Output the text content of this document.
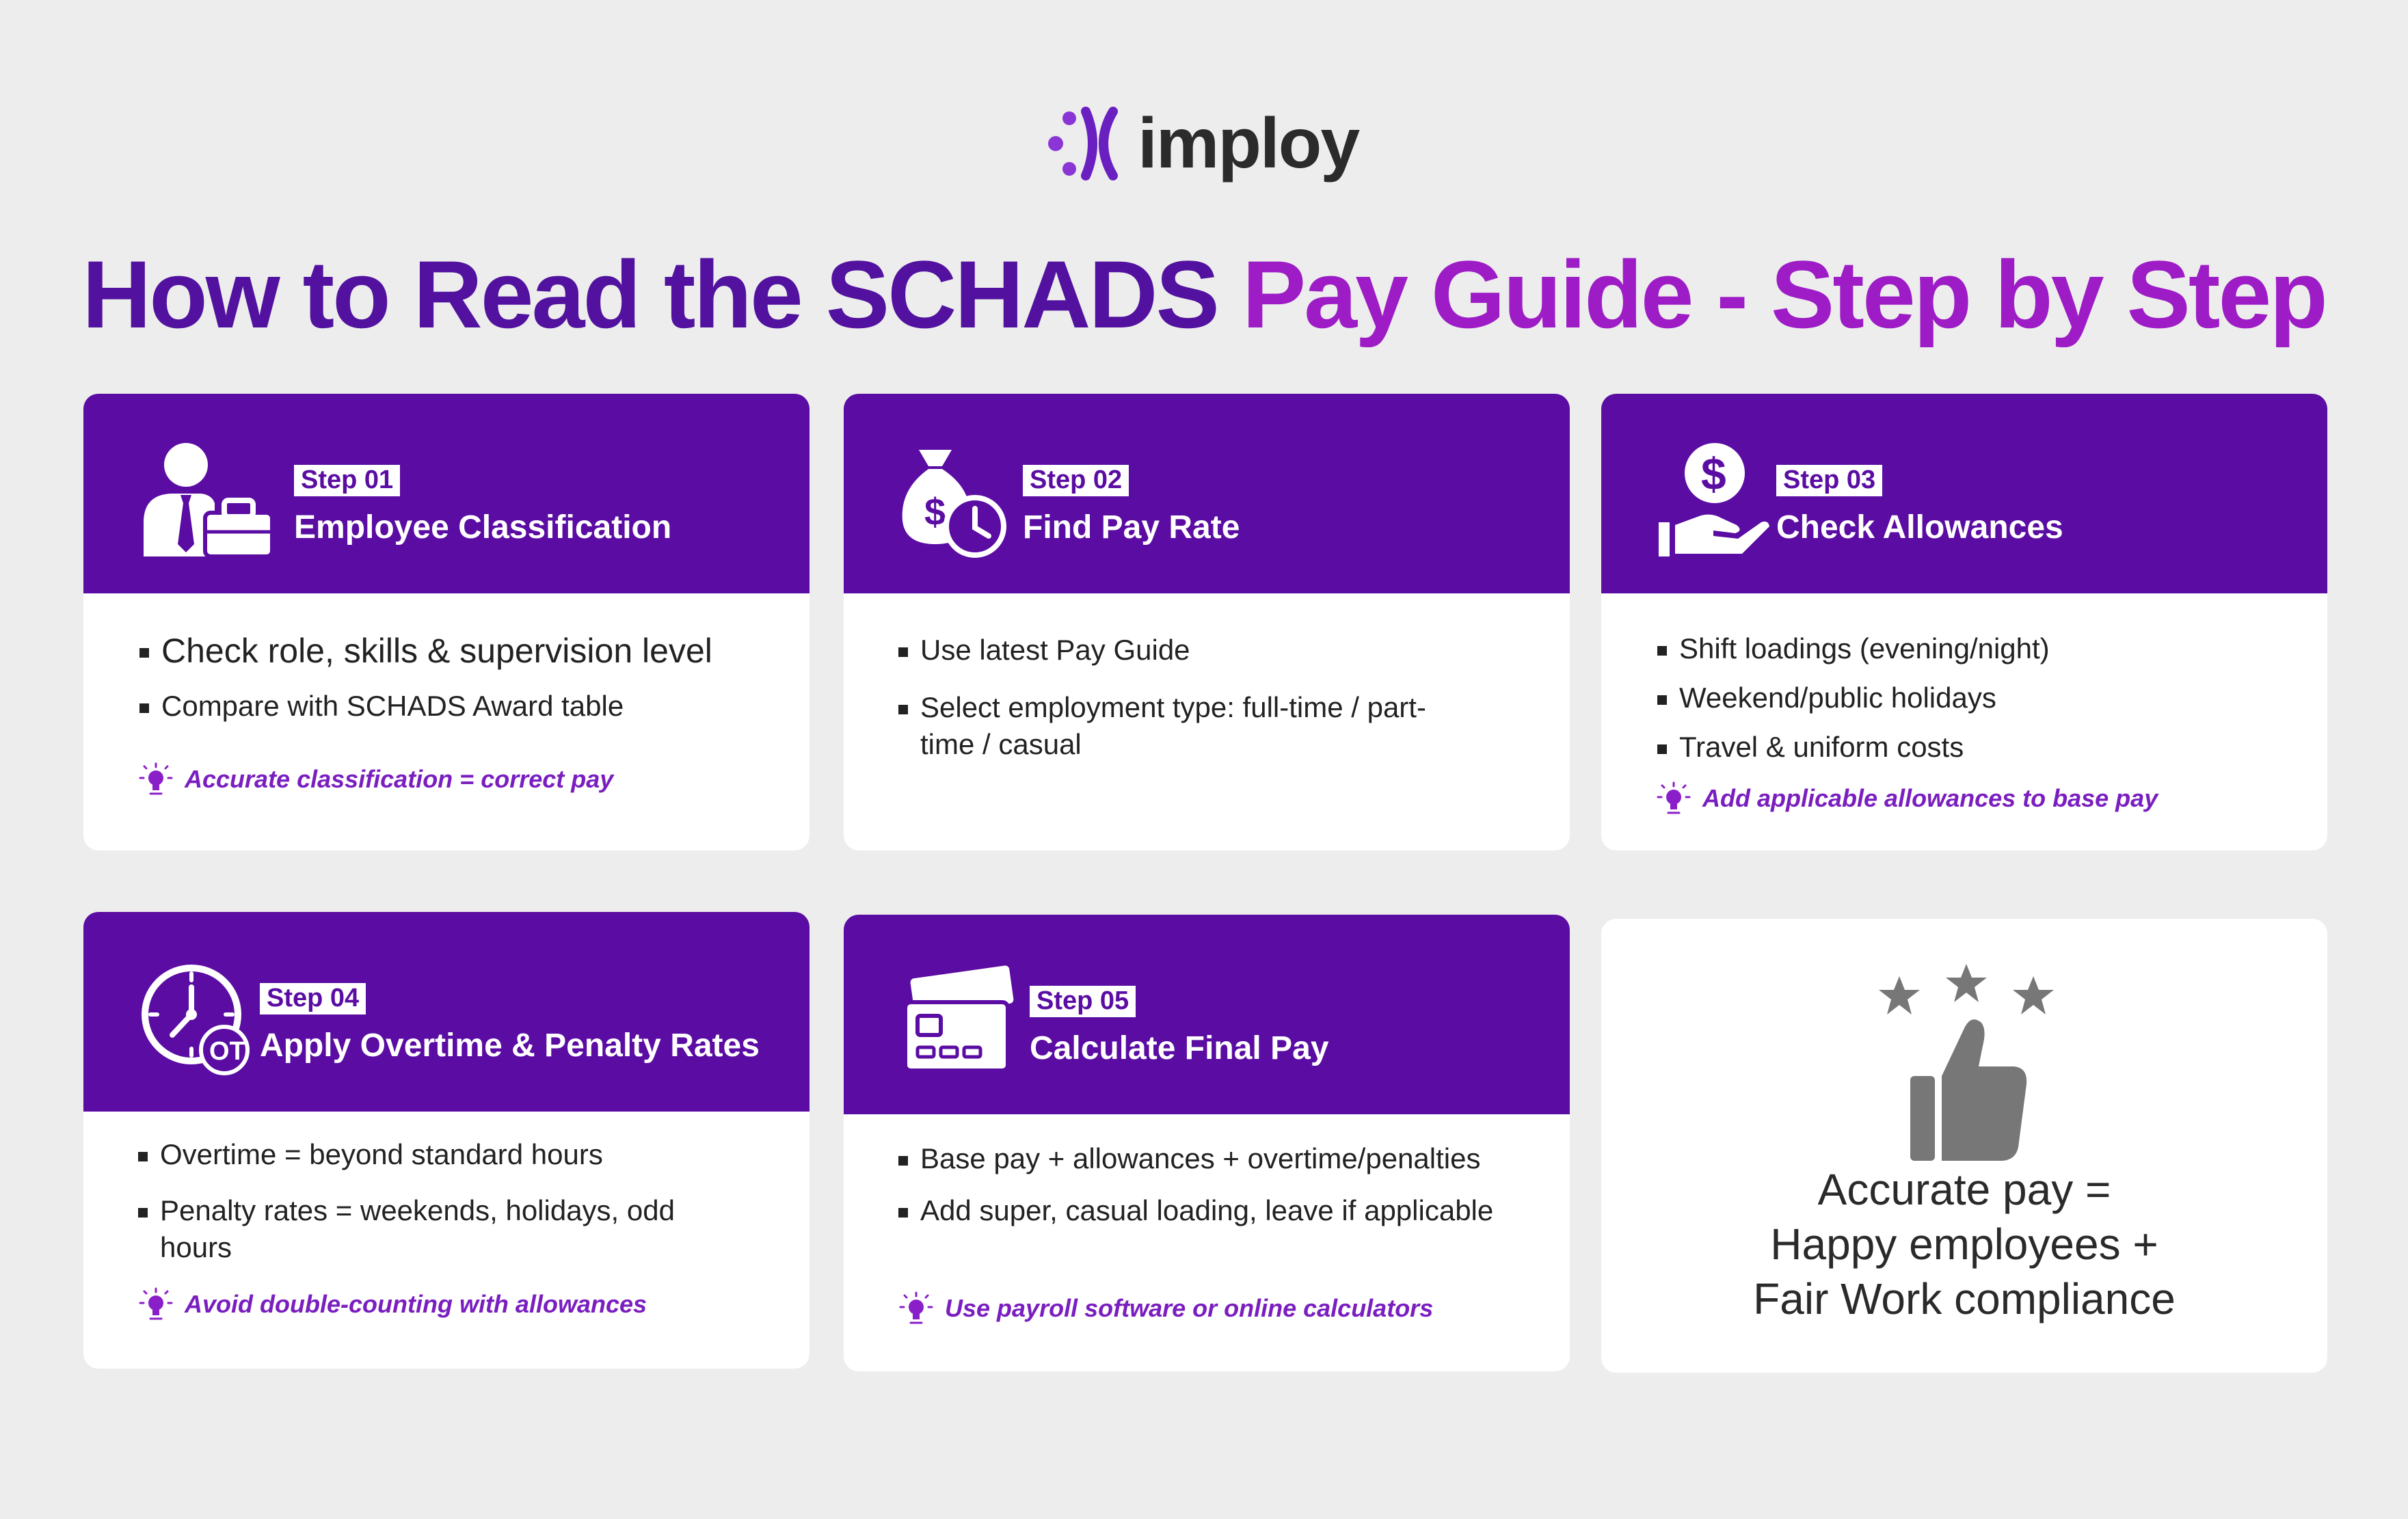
imploy
How to Read the SCHADS Pay Guide - Step by Step
Step 01
Employee Classification
Check role, skills & supervision level
Compare with SCHADS Award table
Accurate classification = correct pay
$
Step 02
Find Pay Rate
Use latest Pay Guide
Select employment type: full-time / part-time / casual
$ Step 03
Check Allowances
Shift loadings (evening/night)
Weekend/public holidays
Travel & uniform costs
Add applicable allowances to base pay
OT
Step 04
Apply Overtime & Penalty Rates
Overtime = beyond standard hours
Penalty rates = weekends, holidays, odd hours
Avoid double-counting with allowances
Step 05
Calculate Final Pay
Base pay + allowances + overtime/penalties
Add super, casual loading, leave if applicable
Use payroll software or online calculators
Accurate pay =
Happy employees +
Fair Work compliance
